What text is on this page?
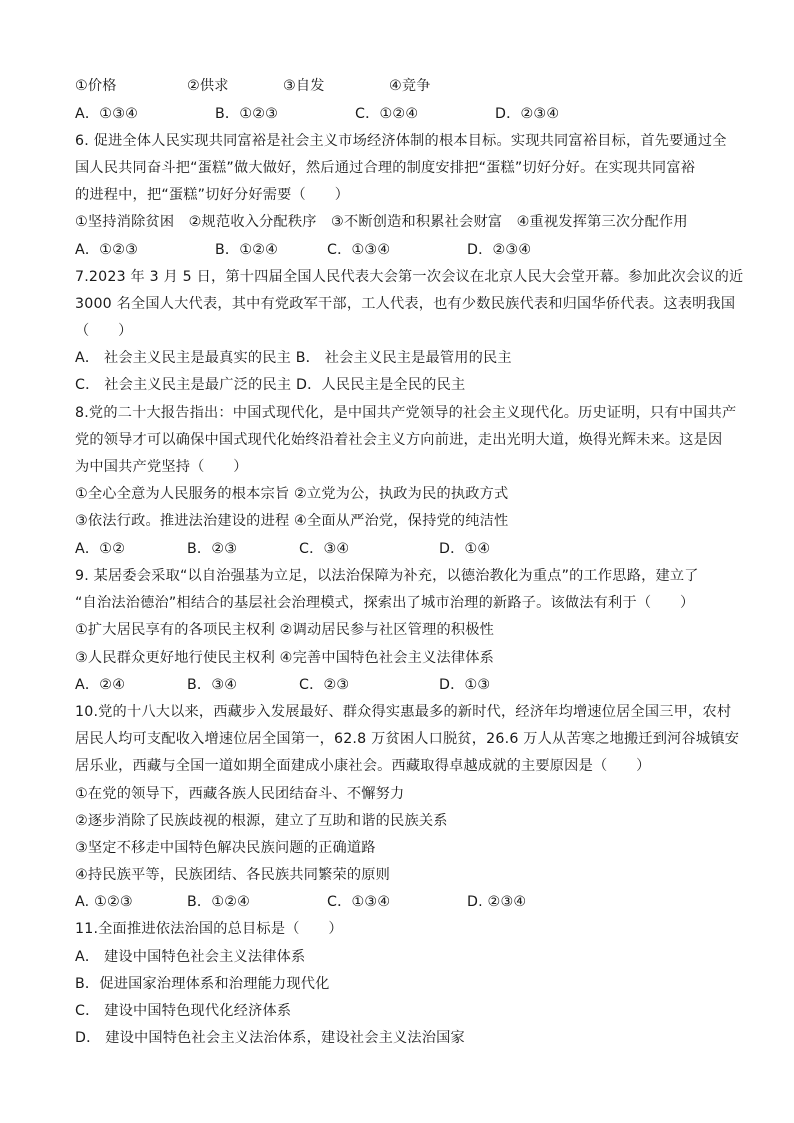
①价格	②供求	③自发	④竞争
A．①③④	B．①②③	C．①②④	D．②③④
6. 促进全体人民实现共同富裕是社会主义市场经济体制的根本目标。实现共同富裕目标，首先要通过全
国人民共同奋斗把“蛋糕”做大做好，然后通过合理的制度安排把“蛋糕”切好分好。在实现共同富裕
的进程中，把“蛋糕”切好分好需要（　　）
①坚持消除贫困　②规范收入分配秩序　③不断创造和积累社会财富　④重视发挥第三次分配作用
A．①②③	B．①②④	C．①③④	D．②③④
7.2023 年 3 月 5 日，第十四届全国人民代表大会第一次会议在北京人民大会堂开幕。参加此次会议的近
3000 名全国人大代表，其中有党政军干部，工人代表，也有少数民族代表和归国华侨代表。这表明我国
（　　）
A． 社会主义民主是最真实的民主 B． 社会主义民主是最管用的民主
C． 社会主义民主是最广泛的民主 D．人民民主是全民的民主
8.党的二十大报告指出：中国式现代化，是中国共产党领导的社会主义现代化。历史证明，只有中国共产
党的领导才可以确保中国式现代化始终沿着社会主义方向前进，走出光明大道，焕得光辉未来。这是因
为中国共产党坚持（　　）
①全心全意为人民服务的根本宗旨 ②立党为公，执政为民的执政方式
③依法行政。推进法治建设的进程 ④全面从严治党，保持党的纯洁性
A．①②	B．②③	C．③④	D．①④
9. 某居委会采取“以自治强基为立足，以法治保障为补充，以德治教化为重点”的工作思路，建立了
“自治法治德治”相结合的基层社会治理模式，探索出了城市治理的新路子。该做法有利于（　　）
①扩大居民享有的各项民主权利 ②调动居民参与社区管理的积极性
③人民群众更好地行使民主权利 ④完善中国特色社会主义法律体系
A．②④	B．③④	C．②③	D．①③
10.党的十八大以来，西藏步入发展最好、群众得实惠最多的新时代，经济年均增速位居全国三甲，农村
居民人均可支配收入增速位居全国第一，62.8 万贫困人口脱贫，26.6 万人从苦寒之地搬迁到河谷城镇安
居乐业，西藏与全国一道如期全面建成小康社会。西藏取得卓越成就的主要原因是（　　）
①在党的领导下，西藏各族人民团结奋斗、不懈努力
②逐步消除了民族歧视的根源，建立了互助和谐的民族关系
③坚定不移走中国特色解决民族问题的正确道路
④持民族平等，民族团结、各民族共同繁荣的原则
A. ①②③	B．①②④	C．①③④	D. ②③④
11.全面推进依法治国的总目标是（　　）
A． 建设中国特色社会主义法律体系
B．促进国家治理体系和治理能力现代化
C． 建设中国特色现代化经济体系
D． 建设中国特色社会主义法治体系，建设社会主义法治国家
